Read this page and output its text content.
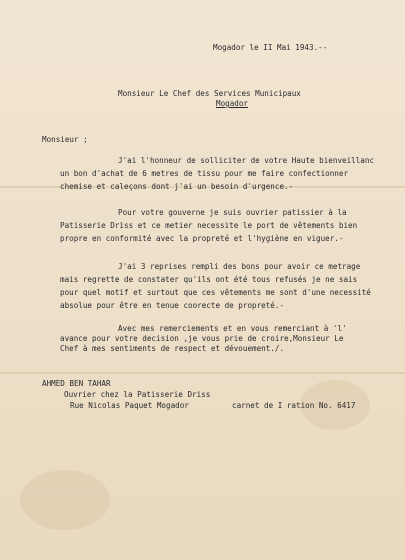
Mogador le II Mai 1943.--
Monsieur Le Chef des Services Municipaux
Mogador
Monsieur ;
J'ai l'honneur de solliciter de votre Haute bienveillanc
un bon d'achat de 6 metres de tissu pour me faire confectionner
chemise et caleçons dont j'ai un besoin d'urgence.-
Pour votre gouverne je suis ouvrier patissier à la
Patisserie Driss et ce metier necessite le port de vêtements bien
propre en conformité avec la propreté et l'hygiène en viguer.-
J'ai 3 reprises rempli des bons pour avoir ce metrage
mais regrette de constater qu'ils ont été tous refusés je ne sais
pour quel motif et surtout que ces vêtements me sont d'une necessité
absolue pour être en tenue coorecte de propreté.-
Avec mes remerciements et en vous remerciant à 'l'
avance pour votre decision ,je vous prie de croire,Monsieur Le
Chef à mes sentiments de respect et dévouement./.
AHMED BEN TAHAR
Ouvrier chez la Patisserie Driss
Rue Nicolas Paquet Mogador	carnet de I ration No. 6417
